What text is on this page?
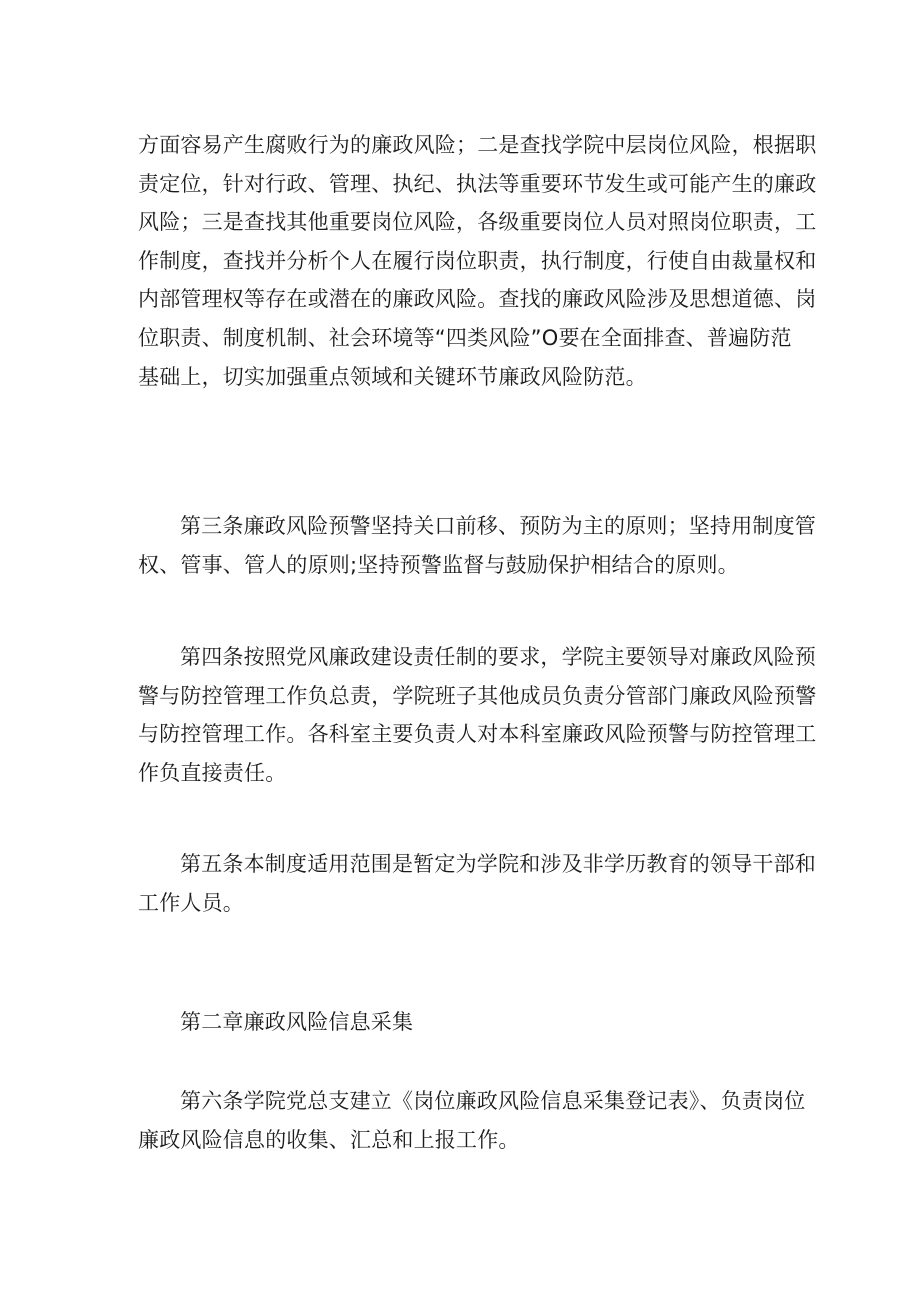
方面容易产生腐败行为的廉政风险；二是查找学院中层岗位风险，根据职
责定位，针对行政、管理、执纪、执法等重要环节发生或可能产生的廉政
风险；三是查找其他重要岗位风险，各级重要岗位人员对照岗位职责，工
作制度，查找并分析个人在履行岗位职责，执行制度，行使自由裁量权和
内部管理权等存在或潜在的廉政风险。查找的廉政风险涉及思想道德、岗
位职责、制度机制、社会环境等“四类风险”O要在全面排查、普遍防范
基础上，切实加强重点领域和关键环节廉政风险防范。
第三条廉政风险预警坚持关口前移、预防为主的原则；坚持用制度管
权、管事、管人的原则;坚持预警监督与鼓励保护相结合的原则。
第四条按照党风廉政建设责任制的要求，学院主要领导对廉政风险预
警与防控管理工作负总责，学院班子其他成员负责分管部门廉政风险预警
与防控管理工作。各科室主要负责人对本科室廉政风险预警与防控管理工
作负直接责任。
第五条本制度适用范围是暂定为学院和涉及非学历教育的领导干部和
工作人员。
第二章廉政风险信息采集
第六条学院党总支建立《岗位廉政风险信息采集登记表》、负责岗位
廉政风险信息的收集、汇总和上报工作。
